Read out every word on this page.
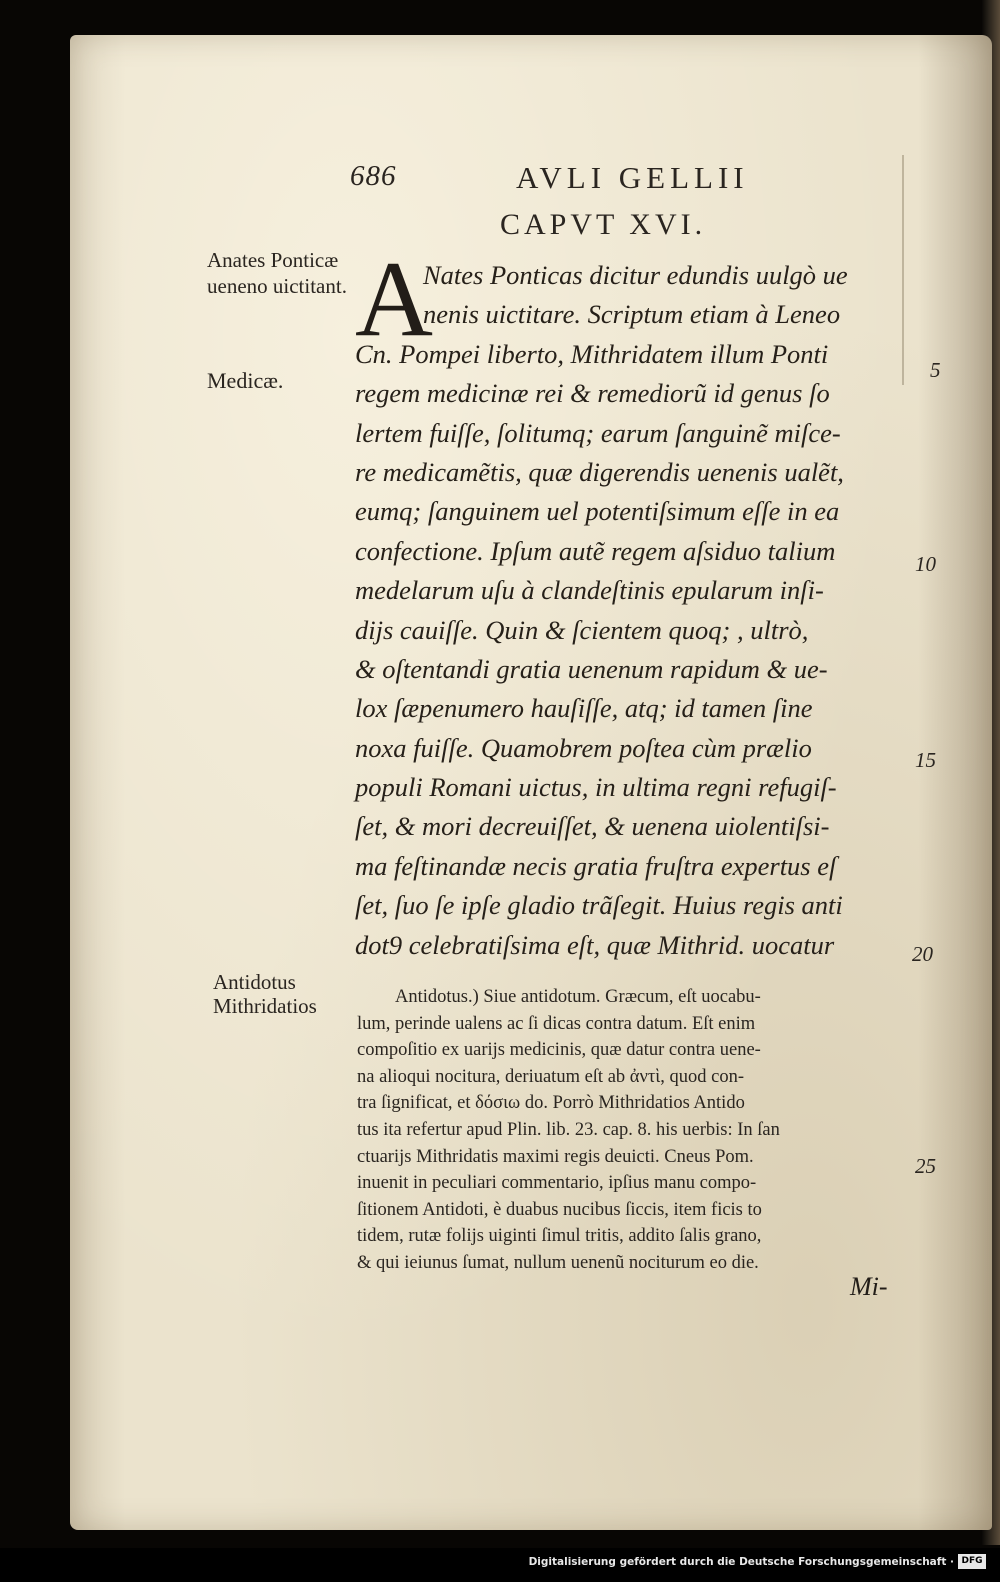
686	AVLI GELLII
CAPVT XVI.
Anates Ponticæ ueneno uictitant.
Medicæ.
Antidotus Mithridatios
5
10
15
20
25
A
Nates Ponticas dicitur edundis uulgò ue
nenis uictitare. Scriptum etiam à Leneo
Cn. Pompei liberto, Mithridatem illum Ponti
regem medicinæ rei & remediorũ id genus ſo
lertem fuiſſe, ſolitumq; earum ſanguinẽ miſce-
re medicamẽtis, quæ digerendis uenenis ualẽt,
eumq; ſanguinem uel potentiſsimum eſſe in ea
confectione. Ipſum autẽ regem aſsiduo talium
medelarum uſu à clandeſtinis epularum inſi-
dijs cauiſſe. Quin & ſcientem quoq; , ultrò,
& oſtentandi gratia uenenum rapidum & ue-
lox ſæpenumero hauſiſſe, atq; id tamen ſine
noxa fuiſſe. Quamobrem poſtea cùm prælio
populi Romani uictus, in ultima regni refugiſ-
ſet, & mori decreuiſſet, & uenena uiolentiſsi-
ma feſtinandæ necis gratia fruſtra expertus eſ
ſet, ſuo ſe ipſe gladio trãſegit. Huius regis anti
dot9 celebratiſsima eſt, quæ Mithrid. uocatur
Antidotus.) Siue antidotum. Græcum, eſt uocabu-
lum, perinde ualens ac ſi dicas contra datum. Eſt enim
compoſitio ex uarijs medicinis, quæ datur contra uene-
na alioqui nocitura, deriuatum eſt ab ἀντὶ, quod con-
tra ſignificat, et δόσιω do. Porrò Mithridatios Antido
tus ita refertur apud Plin. lib. 23. cap. 8. his uerbis: In ſan
ctuarijs Mithridatis maximi regis deuicti. Cneus Pom.
inuenit in peculiari commentario, ipſius manu compo-
ſitionem Antidoti, è duabus nucibus ſiccis, item ficis to
tidem, rutæ folijs uiginti ſimul tritis, addito ſalis grano,
& qui ieiunus ſumat, nullum uenenũ nociturum eo die.
Mi-
Digitalisierung gefördert durch die Deutsche Forschungsgemeinschaft · DFG
